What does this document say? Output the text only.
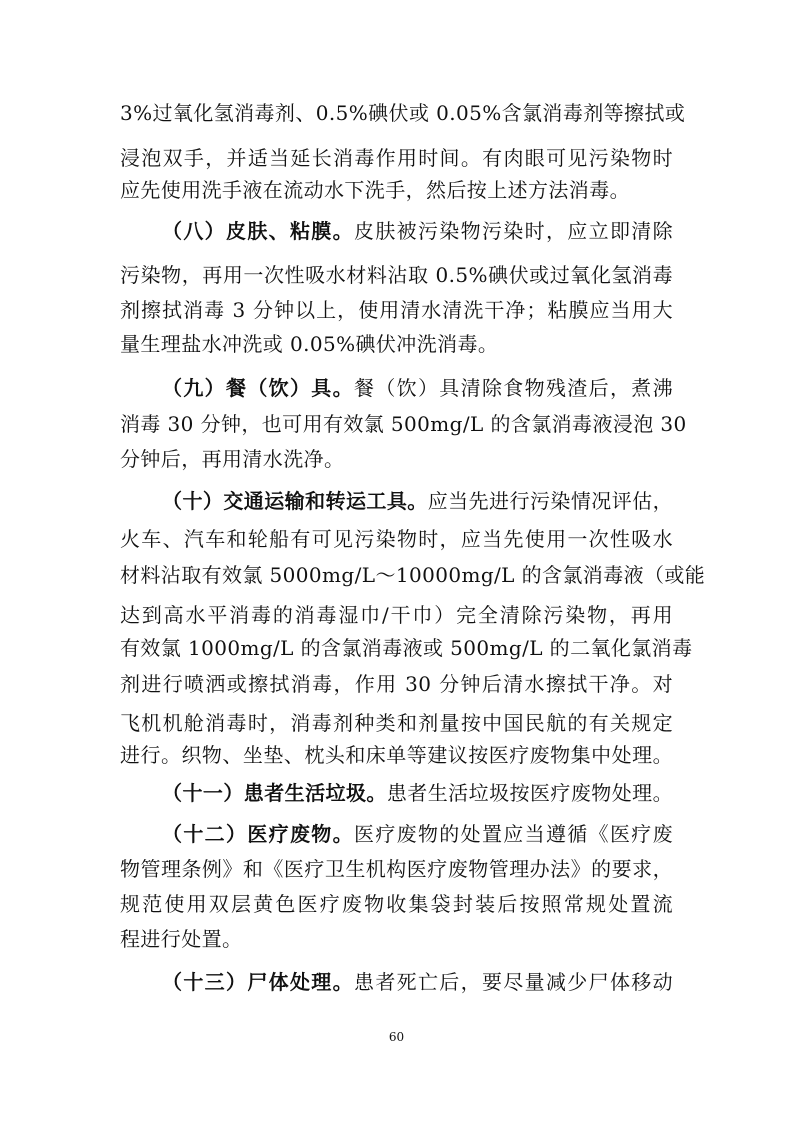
3%过氧化氢消毒剂、0.5%碘伏或 0.05%含氯消毒剂等擦拭或
浸泡双手，并适当延长消毒作用时间。有肉眼可见污染物时
应先使用洗手液在流动水下洗手，然后按上述方法消毒。
（八）皮肤、粘膜。皮肤被污染物污染时，应立即清除
污染物，再用一次性吸水材料沾取 0.5%碘伏或过氧化氢消毒
剂擦拭消毒 3 分钟以上，使用清水清洗干净；粘膜应当用大
量生理盐水冲洗或 0.05%碘伏冲洗消毒。
（九）餐（饮）具。餐（饮）具清除食物残渣后，煮沸
消毒 30 分钟，也可用有效氯 500mg/L 的含氯消毒液浸泡 30
分钟后，再用清水洗净。
（十）交通运输和转运工具。应当先进行污染情况评估，
火车、汽车和轮船有可见污染物时，应当先使用一次性吸水
材料沾取有效氯 5000mg/L～10000mg/L 的含氯消毒液（或能
达到高水平消毒的消毒湿巾/干巾）完全清除污染物，再用
有效氯 1000mg/L 的含氯消毒液或 500mg/L 的二氧化氯消毒
剂进行喷洒或擦拭消毒，作用 30 分钟后清水擦拭干净。对
飞机机舱消毒时，消毒剂种类和剂量按中国民航的有关规定
进行。织物、坐垫、枕头和床单等建议按医疗废物集中处理。
（十一）患者生活垃圾。患者生活垃圾按医疗废物处理。
（十二）医疗废物。医疗废物的处置应当遵循《医疗废
物管理条例》和《医疗卫生机构医疗废物管理办法》的要求，
规范使用双层黄色医疗废物收集袋封装后按照常规处置流
程进行处置。
（十三）尸体处理。患者死亡后，要尽量减少尸体移动
60
